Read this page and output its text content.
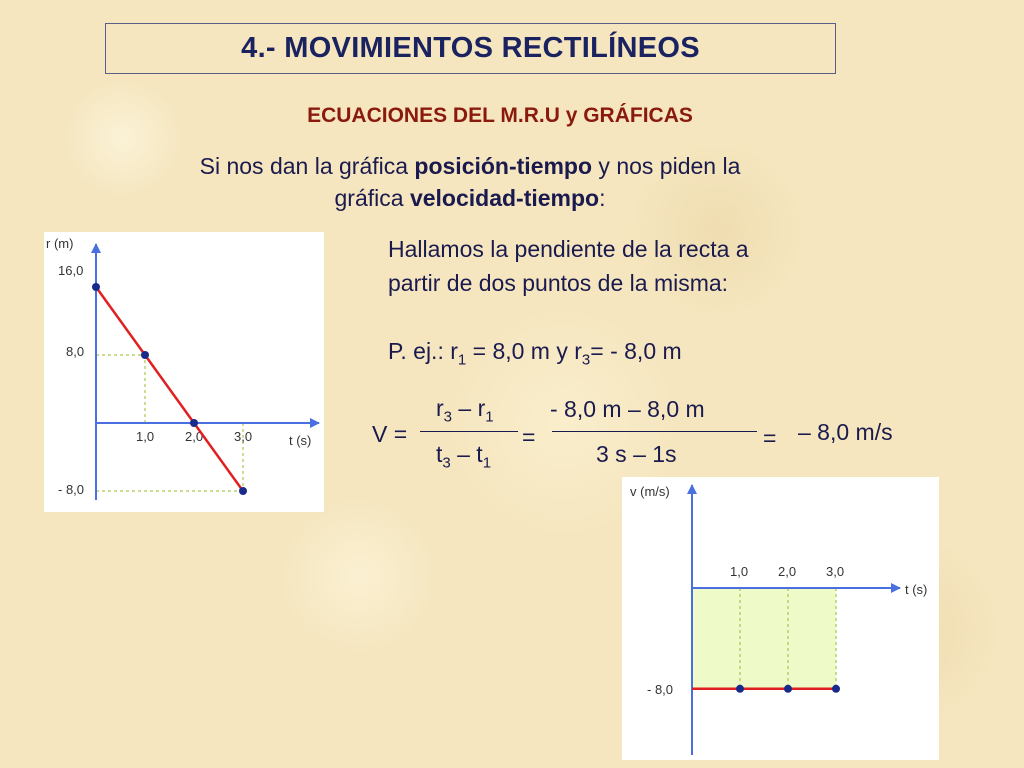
4.- MOVIMIENTOS RECTILÍNEOS
ECUACIONES DEL M.R.U y GRÁFICAS
Si nos dan la gráfica posición-tiempo y nos piden la
gráfica velocidad-tiempo:
Hallamos la pendiente de la recta a
partir de dos puntos de la misma:
P. ej.: $r_1 = 8,0$ m y $r_3= - 8,0$ m
V =
$r_3 - r_1$
$t_3 - t_1$
=
- 8,0 m – 8,0 m
3 s – 1s
= – 8,0 m/s
r (m)
t (s)
16,0
8,0
- 8,0
1,0 2,0 3,0
v (m/s)
t (s)
- 8,0
1,0 2,0 3,0
